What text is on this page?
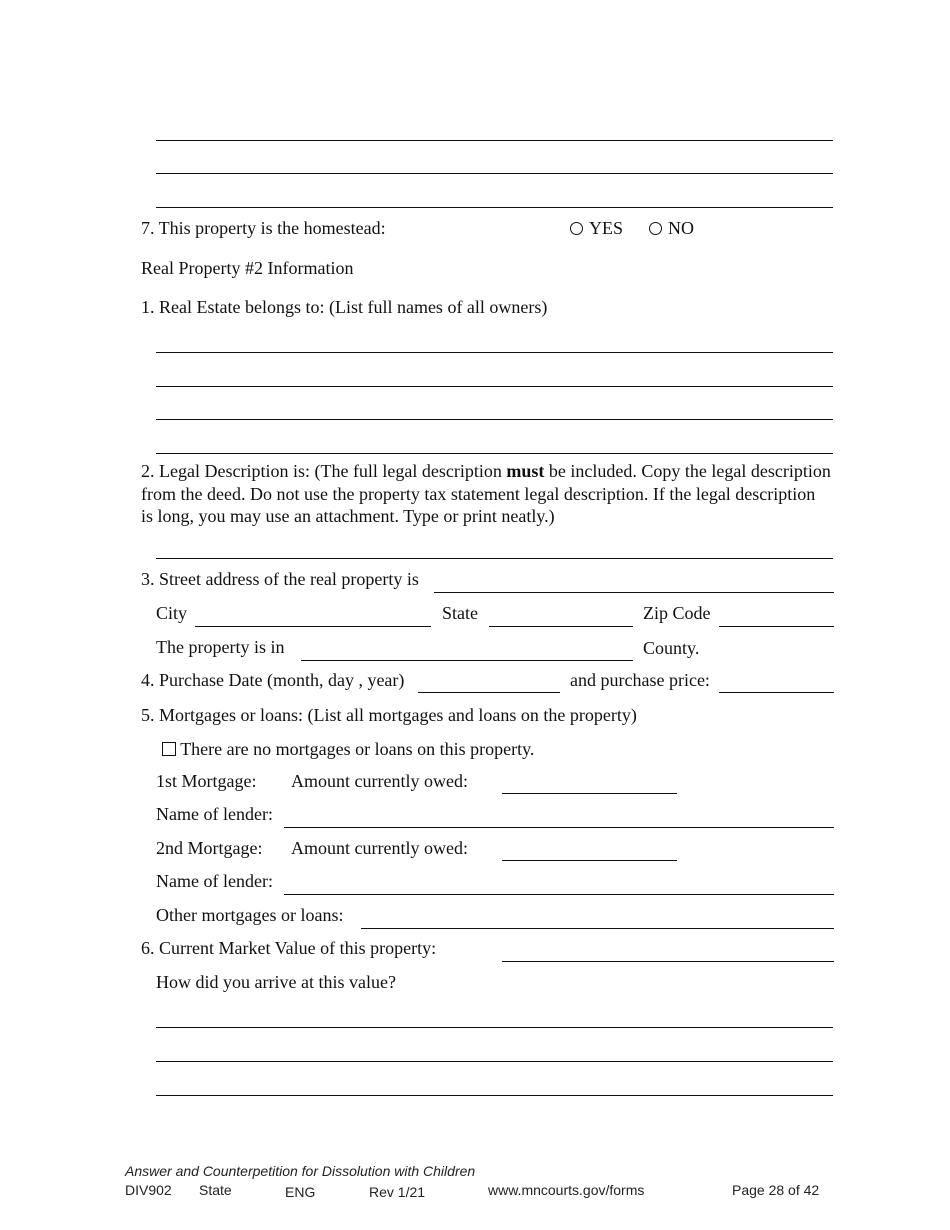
7. This property is the homestead:	YES	NO
Real Property #2 Information
1. Real Estate belongs to: (List full names of all owners)
2. Legal Description is: (The full legal description must be included. Copy the legal description from the deed. Do not use the property tax statement legal description. If the legal description is long, you may use an attachment. Type or print neatly.)
3. Street address of the real property is
City	State	Zip Code
The property is in	County.
4. Purchase Date (month, day , year)	and purchase price:
5. Mortgages or loans: (List all mortgages and loans on the property)
There are no mortgages or loans on this property.
1st Mortgage: Amount currently owed:
Name of lender:
2nd Mortgage: Amount currently owed:
Name of lender:
Other mortgages or loans:
6. Current Market Value of this property:
How did you arrive at this value?
Answer and Counterpetition for Dissolution with Children
DIV902 State	ENG	Rev 1/21	www.mncourts.gov/forms	Page 28 of 42
